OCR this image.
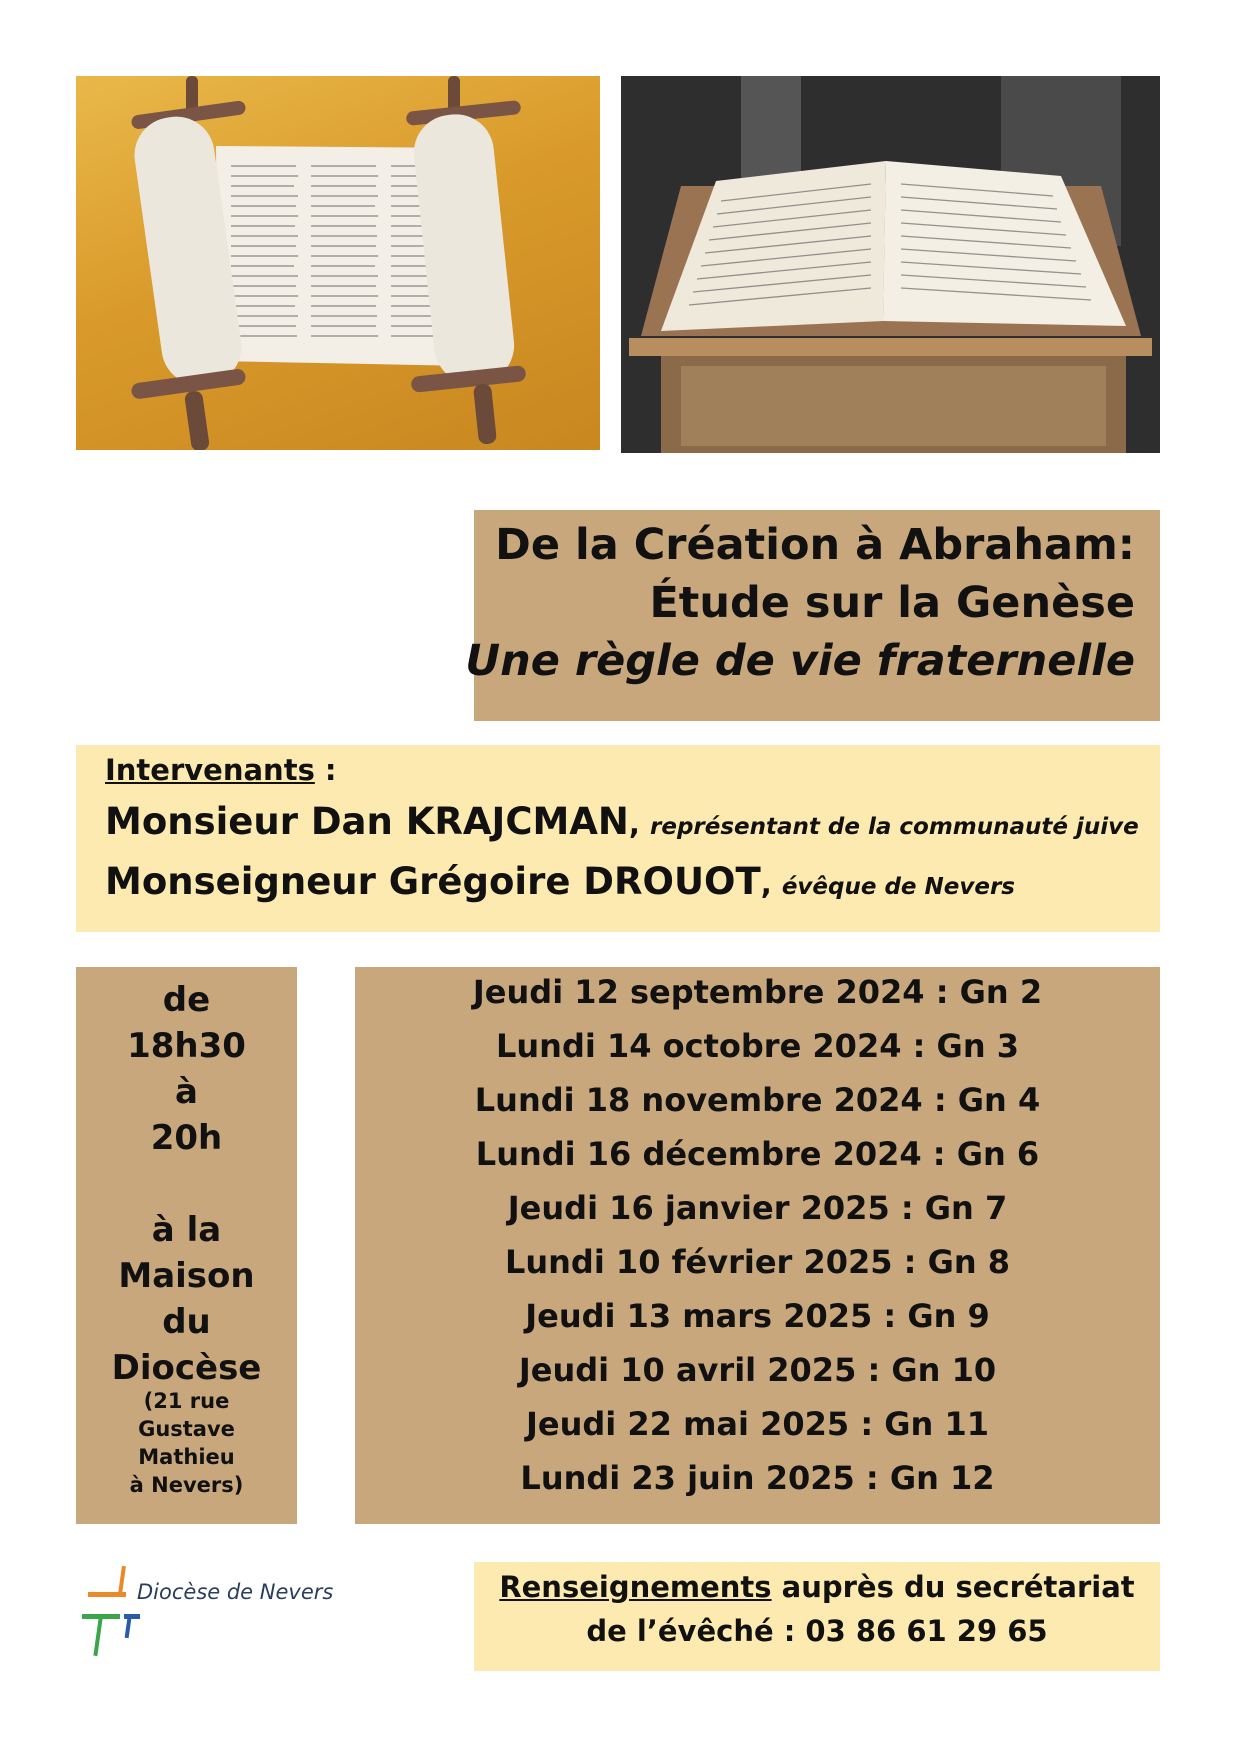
De la Création à Abraham:
Étude sur la Genèse
Une règle de vie fraternelle
Intervenants :
Monsieur Dan KRAJCMAN, représentant de la communauté juive
Monseigneur Grégoire DROUOT, évêque de Nevers
de
18h30
à
20h
à la
Maison
du
Diocèse
(21 rue
Gustave
Mathieu
à Nevers)
Jeudi 12 septembre 2024 : Gn 2
Lundi 14 octobre 2024 : Gn 3
Lundi 18 novembre 2024 : Gn 4
Lundi 16 décembre 2024 : Gn 6
Jeudi 16 janvier 2025 : Gn 7
Lundi 10 février 2025 : Gn 8
Jeudi 13 mars 2025 : Gn 9
Jeudi 10 avril 2025 : Gn 10
Jeudi 22 mai 2025 : Gn 11
Lundi 23 juin 2025 : Gn 12
Diocèse de Nevers	Renseignements auprès du secrétariat
de l’évêché : 03 86 61 29 65
